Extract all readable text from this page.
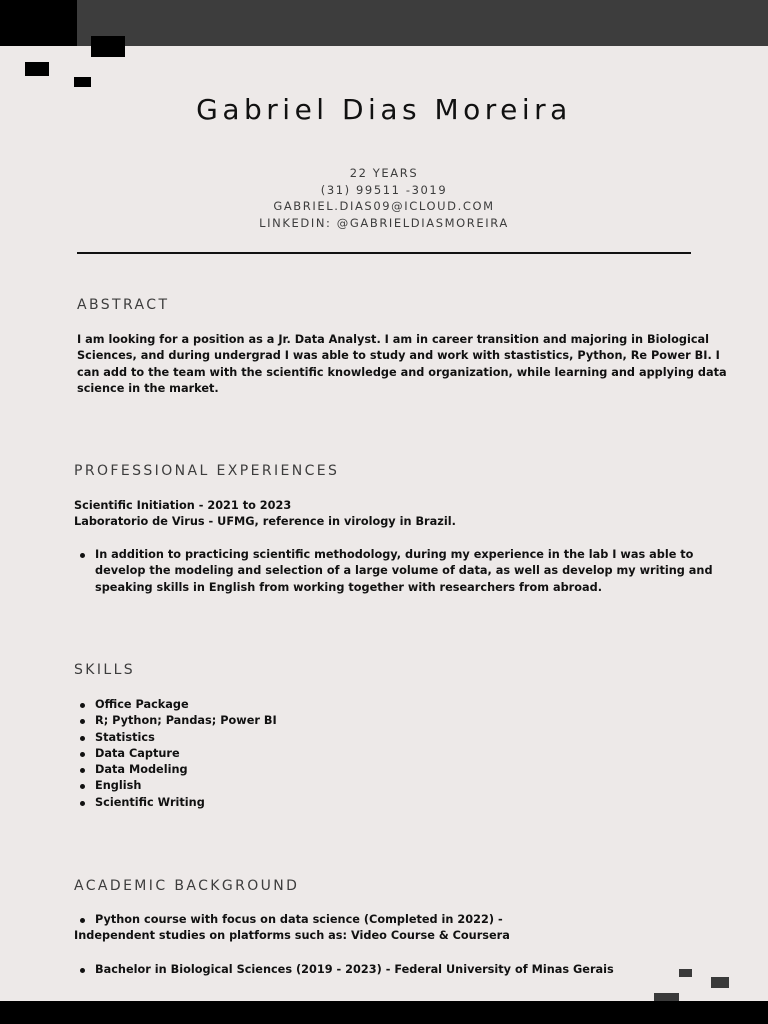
Gabriel Dias Moreira
22 YEARS
(31) 99511 -3019
GABRIEL.DIAS09@ICLOUD.COM
LINKEDIN: @GABRIELDIASMOREIRA
ABSTRACT
I am looking for a position as a Jr. Data Analyst. I am in career transition and majoring in Biological
Sciences, and during undergrad I was able to study and work with stastistics, Python, Re Power BI. I
can add to the team with the scientific knowledge and organization, while learning and applying data
science in the market.
PROFESSIONAL EXPERIENCES
Scientific Initiation - 2021 to 2023
Laboratorio de Virus - UFMG, reference in virology in Brazil.
In addition to practicing scientific methodology, during my experience in the lab I was able to
develop the modeling and selection of a large volume of data, as well as develop my writing and
speaking skills in English from working together with researchers from abroad.
SKILLS
Office Package
R; Python; Pandas; Power BI
Statistics
Data Capture
Data Modeling
English
Scientific Writing
ACADEMIC BACKGROUND
Python course with focus on data science (Completed in 2022) -
Independent studies on platforms such as: Video Course & Coursera
Bachelor in Biological Sciences (2019 - 2023) - Federal University of Minas Gerais
